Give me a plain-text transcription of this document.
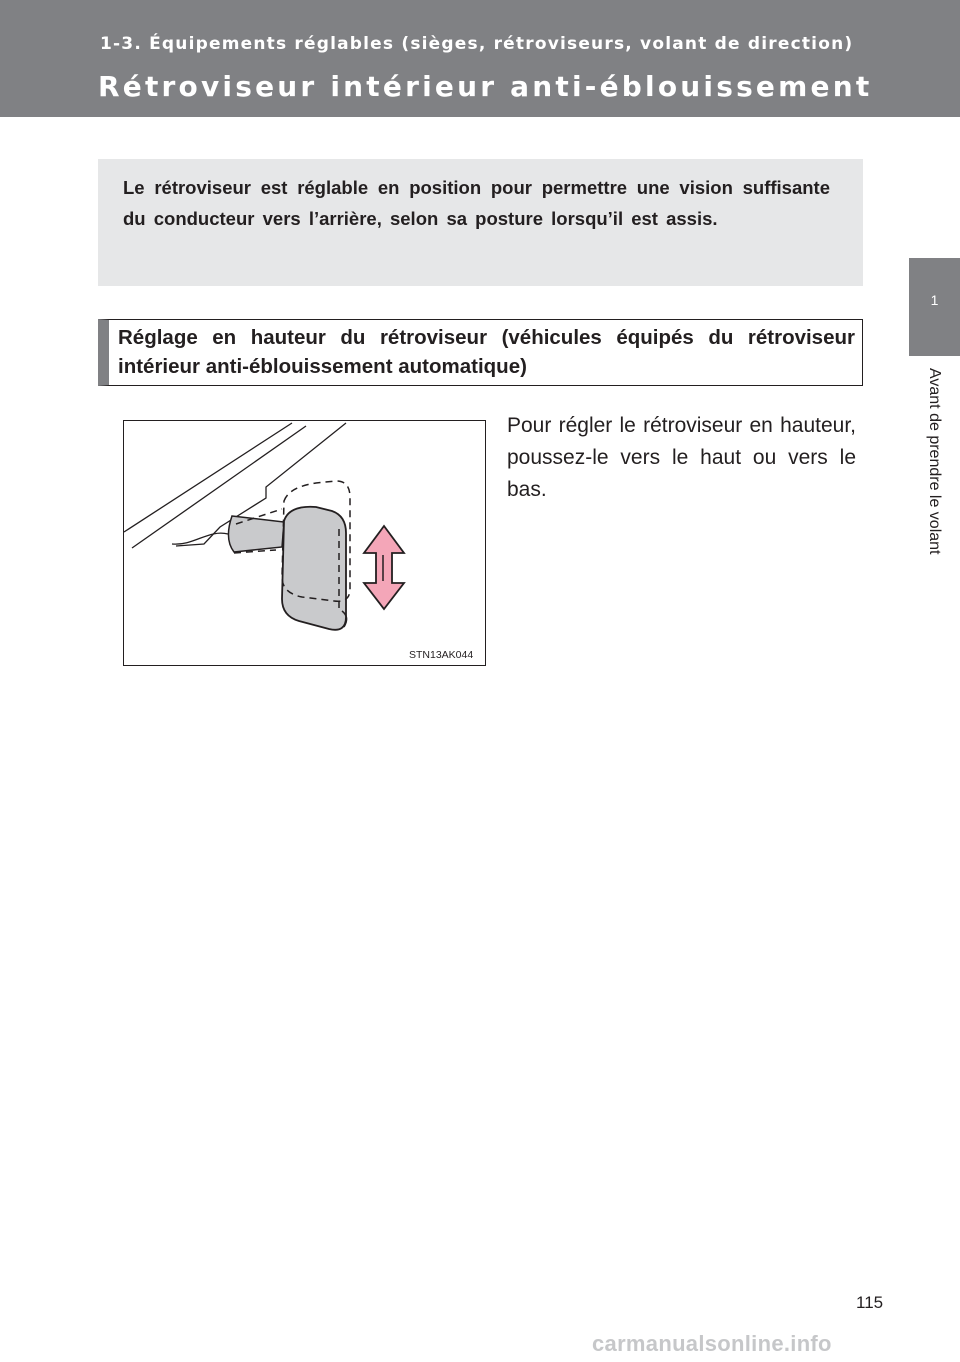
1-3. Équipements réglables (sièges, rétroviseurs, volant de direction)
Rétroviseur intérieur anti-éblouissement
1
Avant de prendre le volant

Le rétroviseur est réglable en position pour permettre une vision suffisante du conducteur vers l’arrière, selon sa posture lorsqu’il est assis.

Réglage en hauteur du rétroviseur (véhicules équipés du rétroviseur intérieur anti-éblouissement automatique)

STN13AK044

Pour régler le rétroviseur en hauteur, poussez-le vers le haut ou vers le bas.

115
carmanualsonline.info
